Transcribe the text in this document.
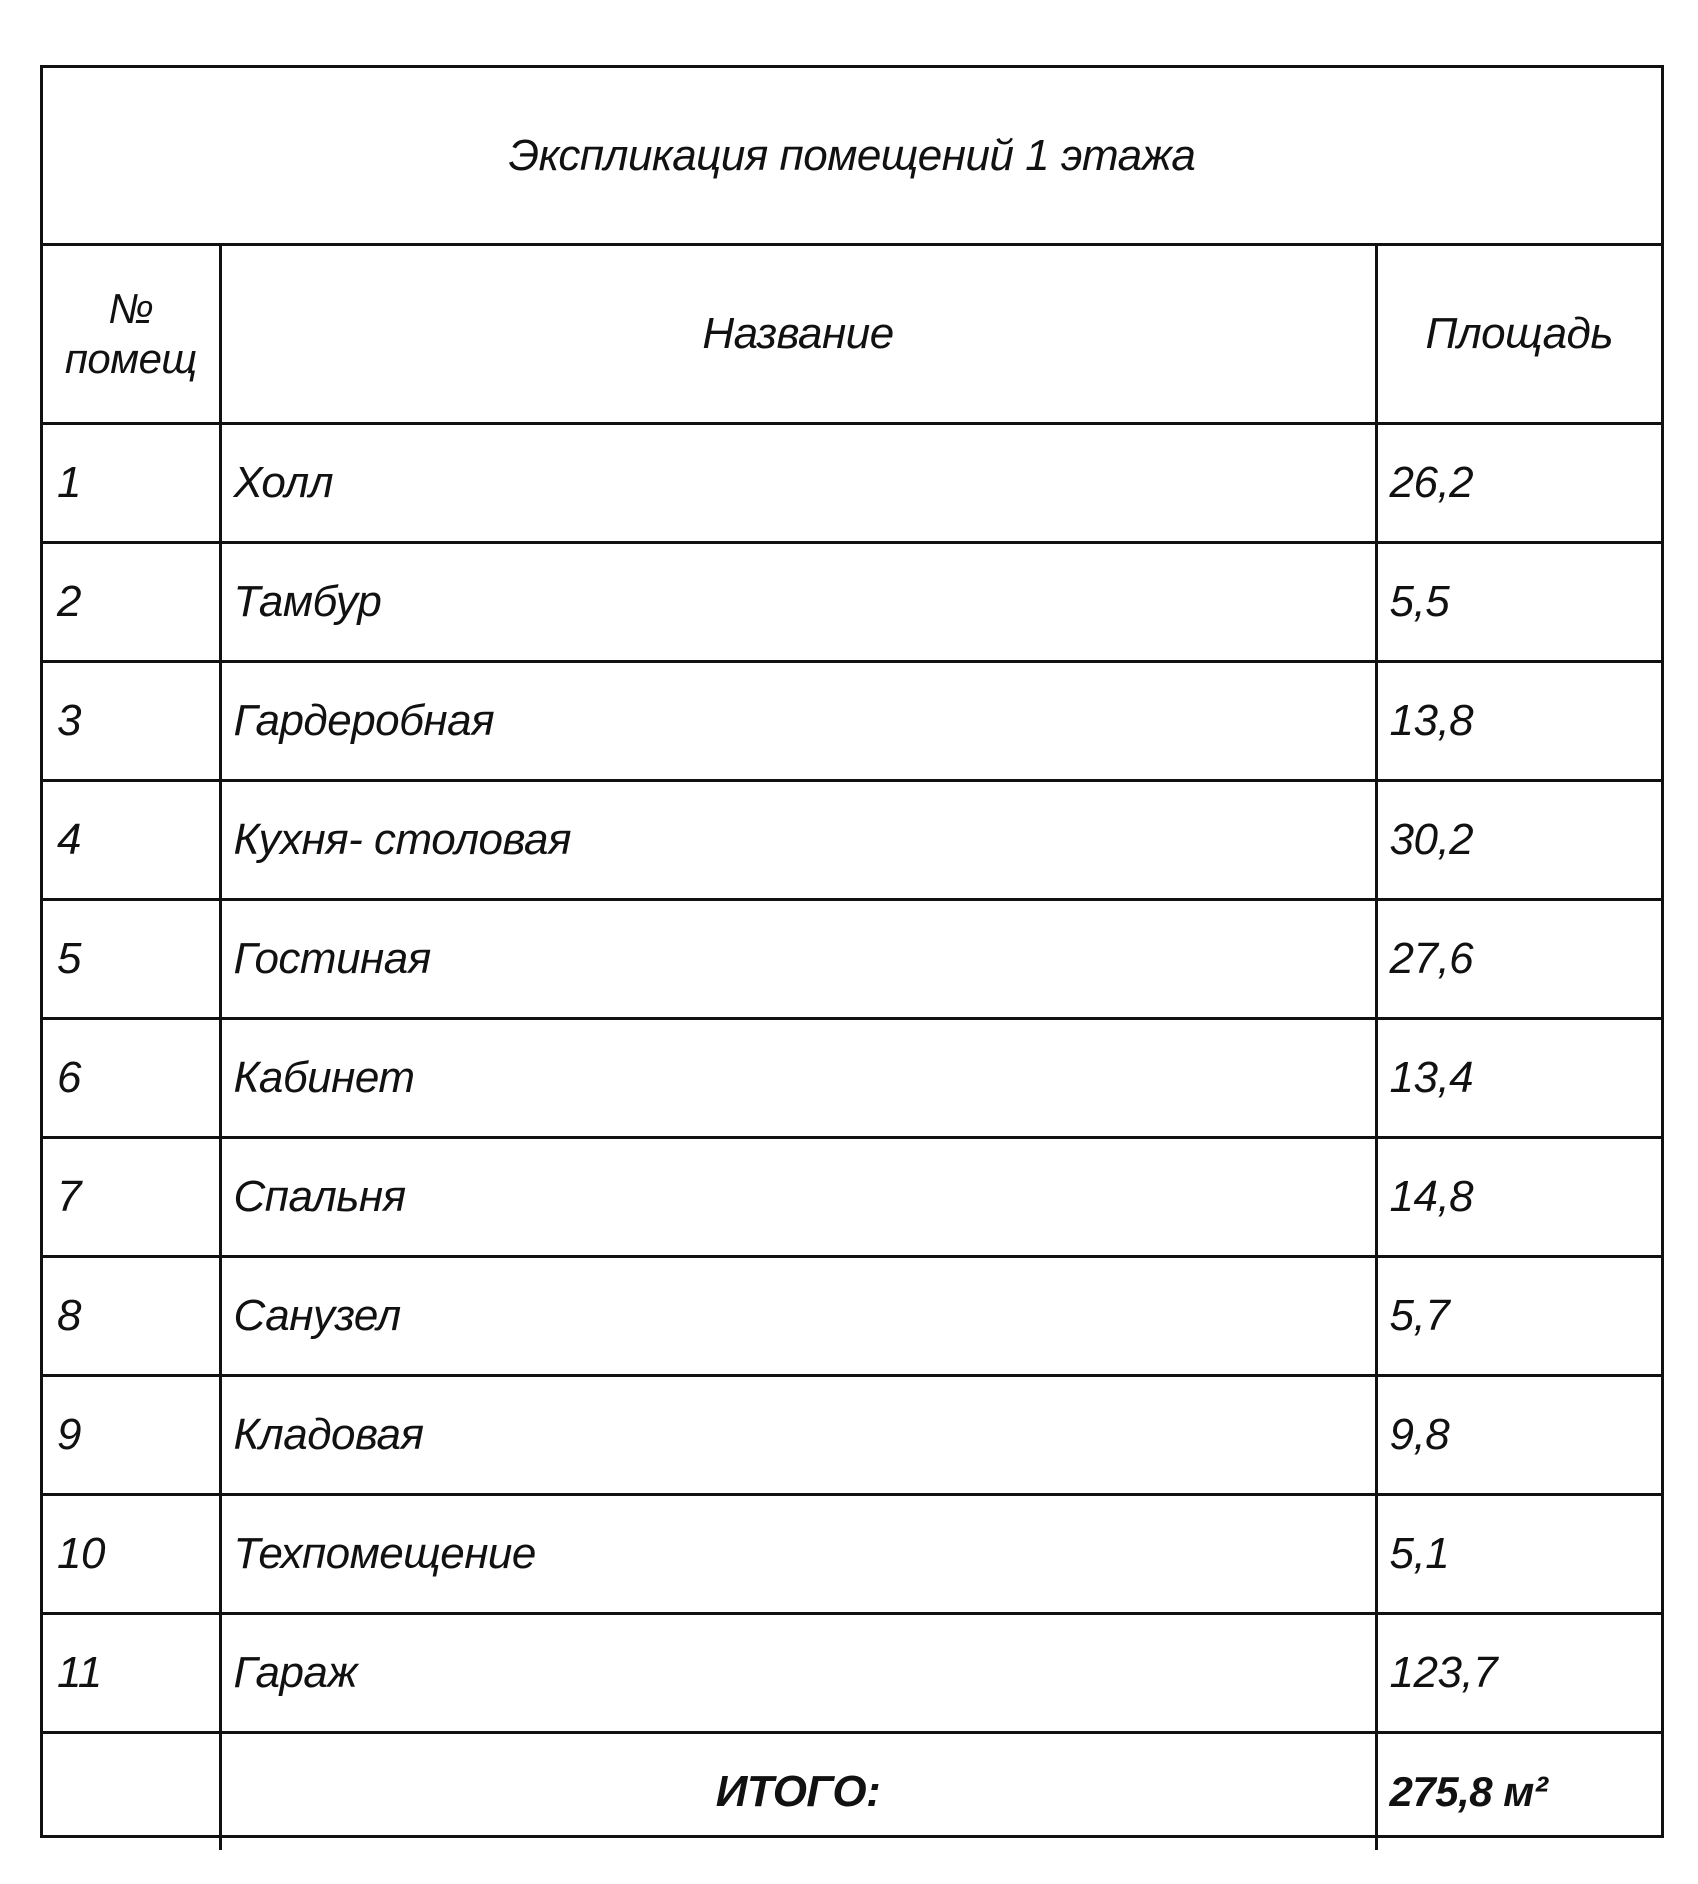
Экспликация помещений 1 этажа		
№
помещ	Название	Площадь
1	Холл	26,2
2	Тамбур	5,5
3	Гардеробная	13,8
4	Кухня- столовая	30,2
5	Гостиная	27,6
6	Кабинет	13,4
7	Спальня	14,8
8	Санузел	5,7
9	Кладовая	9,8
10	Техпомещение	5,1
11	Гараж	123,7
	ИТОГО:	275,8 м²
